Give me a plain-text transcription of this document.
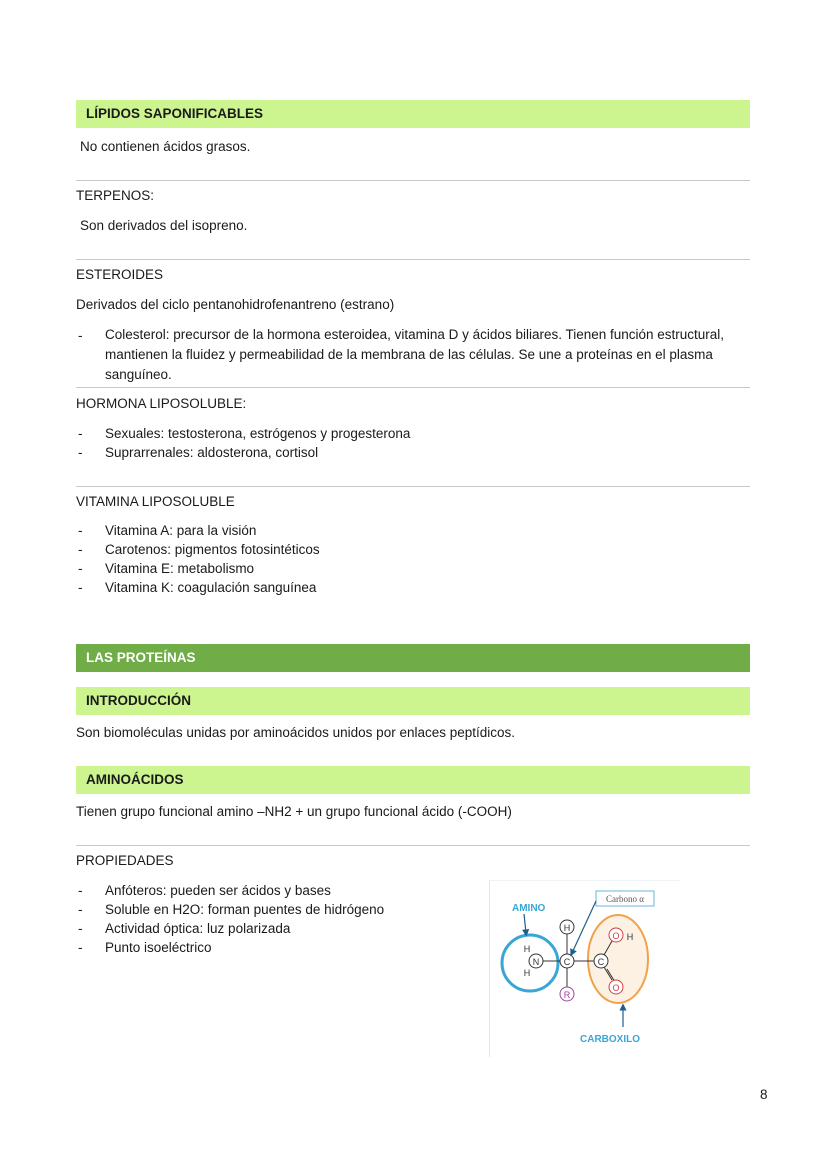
LÍPIDOS SAPONIFICABLES
No contienen ácidos grasos.
TERPENOS:
Son derivados del isopreno.
ESTEROIDES
Derivados del ciclo pentanohidrofenantreno (estrano)
- Colesterol: precursor de la hormona esteroidea, vitamina D y ácidos biliares. Tienen función estructural, mantienen la fluidez y permeabilidad de la membrana de las células. Se une a proteínas en el plasma sanguíneo.
HORMONA LIPOSOLUBLE:
- Sexuales: testosterona, estrógenos y progesterona
- Suprarrenales: aldosterona, cortisol
VITAMINA LIPOSOLUBLE
- Vitamina A: para la visión
- Carotenos: pigmentos fotosintéticos
- Vitamina E: metabolismo
- Vitamina K: coagulación sanguínea
LAS PROTEÍNAS
INTRODUCCIÓN
Son biomoléculas unidas por aminoácidos unidos por enlaces peptídicos.
AMINOÁCIDOS
Tienen grupo funcional amino –NH2 + un grupo funcional ácido (-COOH)
PROPIEDADES
- Anfóteros: pueden ser ácidos y bases
- Soluble en H2O: forman puentes de hidrógeno
- Actividad óptica: luz polarizada
- Punto isoeléctrico
H
C
R
C
O H
O
N
H
H
AMINO
Carbono α
CARBOXILO
8
